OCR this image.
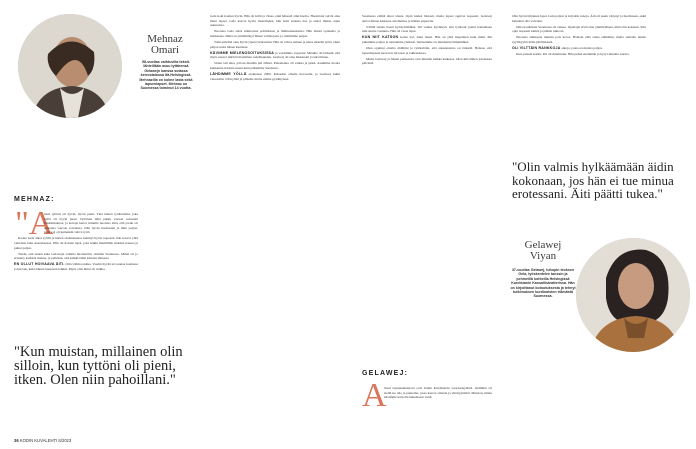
Mehnaz
Omari
58-vuotias vaihtuvilla teksti-lähteillään asuu tyttärensä Gelawejn kanssa sotassa kerrostalossa Itä-Helsingissä. Mehnazilla on kolme lasta sekä lapsenlapset. Mehnaz on Suomessa toiminut 14 vuotta.
MEHNAZ:
"A

lussi tyttöni oli hyvin, hyvin pieni. Yksi hänen tyttärentäni, joka kyllä oli hyvin pieni. Tyttäreni mitä pikku vauvan sairaalan henkilökuntaa, ja hoitaja kertoi minulle nuorena siitä, että jotain oli erikoista vauvan voinnissa. Olin hyvin huolissani ja itkin paljon. Gelawej oli kuitenkin vahva tyttö.

Koska Gela alkoi syödä ja hänen olemuksensa kehittyi hyvin nopeasti, hän kasvoi yhtä vahvaksi kuin sisaruksensa. Hän oli iloinen lapsi, joka leikki mielellään muiden kanssa ja puhui paljon.

Tiesin, että ennen kuin Gelawejn vamma huomattiin, olimme Suomessa. Minut oli jo eristetty kaikista muista, ja pelkäsin, että kaikki tämä johtuisi minusta.

EN OLLUT HOIVAAVA ÄITI. Olin vähän rankka. Vaadin hyvää arvosanaa koulussa ja kerroin, kuka hänen kanssaan leikkii. Myös oma äitini oli tiukka.

"Kun muistan, millainen olin silloin, kun tyttöni oli pieni, itken. Olen niin pahoillani."

Gela koki koulun hyvin. Hän oli kiltti ja viisas, eikä hänestä ollut huolta. Huomioni veivät aina muut lapset. Gela kasvoi hyvin itsenäiseksi, hän hoiti asiansa itse ja auttoi minua arjen askareissa.

Nuorena Gela alkoi kiinnostua politiikasta ja ihmisoikeuksista. Hän halusi opiskella ja matkustaa. Minä en ymmärtänyt hänen valintojaan, ja riitelimme paljon.

Tänä päivänä olen hyvin ylpeä tyttärestäni. Hän on vahva nainen ja tekee tärkeää työtä. Opin paljon uutta hänen kauttaan.

KÄVIMME MIELENOSOITUKSISSA ja vaadimme vapautta. Minulle oli tärkeää, että myös nuoret näkivät maailman todellisuuden. Gelawej oli aina mukanani ja tuki minua.

Sitten tuli aika, jolloin meidän piti lähteä. Pakomatka oli vaikea ja pitkä. Asuimme monta kuukautta leirissä ennen kuin pääsimme Suomeen.

LÄHDIMME YÖLLÄ elokuussa 2000. Ratsastin omalla hevosella, ja Gelawej kulki vieressäni. Oli kylmä ja pimeää, mutta emme pysähtyneet.

Suomessa elämä alkoi alusta. Opin kielen hitaasti, mutta lapset oppivat nopeasti. Gelawej auttoi minua kaikessa asioinnissa ja käänsi papereita.

Välillä tunsin itseni hyödyttömäksi. Oli vaikea hyväksyä, että tyttäreni joutui kantamaan niin suurta vastuuta. Hän oli vasta lapsi.

KUN NIIT KATSON Gelaa nyt, näen itseni. Hän on yhtä itsepäinen kuin minä. Me puhumme paljon ja nauramme yhdessä. Suhteemme on muuttunut lämpimäksi.

Olen oppinut omalta äidiltäni ja tyttäreltäni, että anteeksianto on tärkeää. Haluan, että lapsenlapseni kasvavat turvassa ja rakkaudessa.

Mutta Gelawej ja hänen perheensä ovat minulle kaikki kaikessa. Olen kiitollinen jokaisesta päivästä.

GELAWEJ:
A

rheat lapsuusmuistoni ovat Iranin Kurdistanin vuoristokylästä. Äidilläni oli siellä iso talo ja puutarha, jossa kasvoi omenia ja viinirypäleitä. Muistan, miten kävimme kaivolla hakemassa vettä.

Olin hyvin hiljainen lapsi. Luin paljon ja kirjoitin runoja. Äiti oli usein väsynyt ja huolissaan, enkä halunnut olla vaivaksi.

Oma koulutieni Suomessa oli vaikea. Opettajat eivät aina ymmärtäneet, mitä olin kokenut. Silti opin nopeasti kielen ja pääsin lukioon.

Nuorena aikuisena muutin pois kotoa. Halusin elää omaa elämääni, mutta samalla tunsin syyllisyyttä äidin jättämisestä.

OLI VILTTÄIN RANKKOJA aikoja, joista en muista paljon.

Kun palasin kotiin, äiti oli muuttunut. Hän puhui enemmän ja kysyi minulta asioita.

"Olin valmis hylkäämään äidin kokonaan, jos hän ei tue minua erotessani. Äiti päätti tukea."
Gelawej
Viyan
37-vuotias Gelawej, tuhopin teoksen Gela, työskentelee tanssin ja pehmeillä kohteilla Helsingissä Kurdistanin Kansallisteatterissa. Hän on kirjoittanut kotoutuksesta ja tehnyt tutkimuksen kurdinaisten elämästä Suomessa.
36 KODIN KUVALEHTI 8/2023
